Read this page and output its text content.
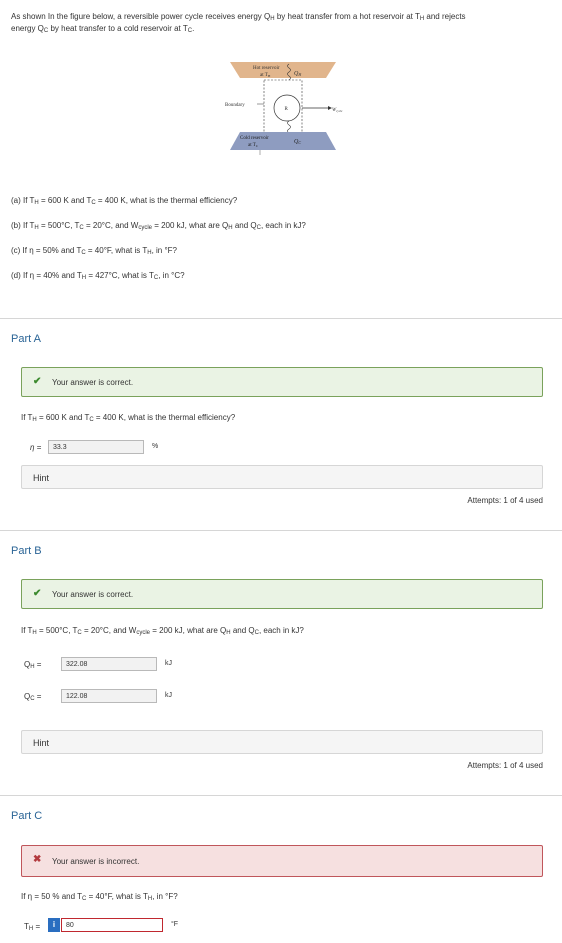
As shown In the figure below, a reversible power cycle receives energy $Q_H$ by heat transfer from a hot reservoir at $T_H$ and rejects
energy $Q_C$ by heat transfer to a cold reservoir at $T_C$.
Hot reservoir
at $T_H$	QH
R
Boundary
$W_{cycle}$
Cold reservoir
at $T_C$
QC
(a) If $T_H = 600$ K and $T_C = 400$ K, what is the thermal efficiency?
(b) If $T_H = 500^\circ C$, $T_C = 20^\circ C$, and $W_{cycle} = 200$ kJ, what are $Q_H$ and $Q_C$, each in kJ?
(c) If η = 50% and $T_C = 40^\circ F$, what is $T_H$, in °F?
(d) If η = 40% and $T_H = 427^\circ C$, what is $T_C$, in °C?
Part A
✔ Your answer is correct.
If $T_H = 600$ K and $T_C = 400$ K, what is the thermal efficiency?
η =	33.3	%
Hint
Attempts: 1 of 4 used
Part B
✔ Your answer is correct.
If $T_H = 500^\circ C$, $T_C = 20^\circ C$, and $W_{cycle} = 200$ kJ, what are $Q_H$ and $Q_C$, each in kJ?
$Q_H$ =	322.08	kJ
$Q_C$ =	122.08	kJ
Hint
Attempts: 1 of 4 used
Part C
✖ Your answer is incorrect.
If η = 50 % and $T_C = 40^\circ F$, what is $T_H$, in °F?
$T_H$ =	i	80	°F
